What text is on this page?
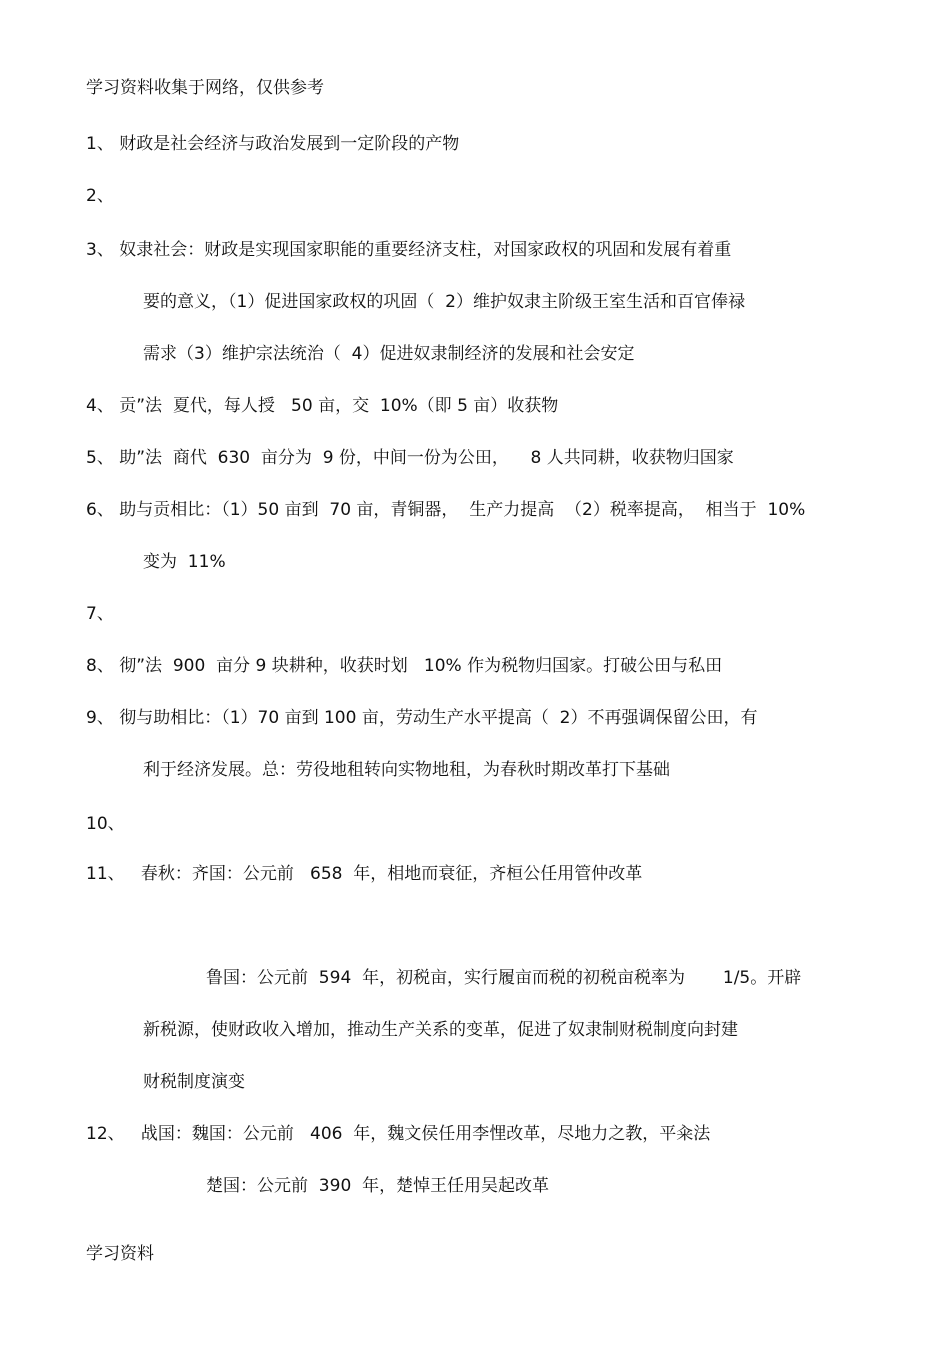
学习资料收集于网络，仅供参考

1、 财政是社会经济与政治发展到一定阶段的产物

2、

3、 奴隶社会：财政是实现国家职能的重要经济支柱，对国家政权的巩固和发展有着重

要的意义，（1）促进国家政权的巩固（  2）维护奴隶主阶级王室生活和百官俸禄

需求（3）维护宗法统治（  4）促进奴隶制经济的发展和社会安定

4、 贡”法  夏代，每人授   50 亩，交  10%（即 5 亩）收获物

5、 助”法  商代  630  亩分为  9 份，中间一份为公田，    8 人共同耕，收获物归国家

6、 助与贡相比：（1）50 亩到  70 亩，青铜器，  生产力提高  （2）税率提高，  相当于  10%

变为  11%

7、

8、 彻”法  900  亩分 9 块耕种，收获时划   10% 作为税物归国家。打破公田与私田

9、 彻与助相比：（1）70 亩到 100 亩，劳动生产水平提高（  2）不再强调保留公田，有

利于经济发展。总：劳役地租转向实物地租，为春秋时期改革打下基础

10、

11、   春秋：齐国：公元前   658  年，相地而衰征，齐桓公任用管仲改革

鲁国：公元前  594  年，初税亩，实行履亩而税的初税亩税率为       1/5。开辟

新税源，使财政收入增加，推动生产关系的变革，促进了奴隶制财税制度向封建

财税制度演变

12、   战国：魏国：公元前   406  年，魏文侯任用李悝改革，尽地力之教，平籴法

楚国：公元前  390  年，楚悼王任用吴起改革

学习资料
